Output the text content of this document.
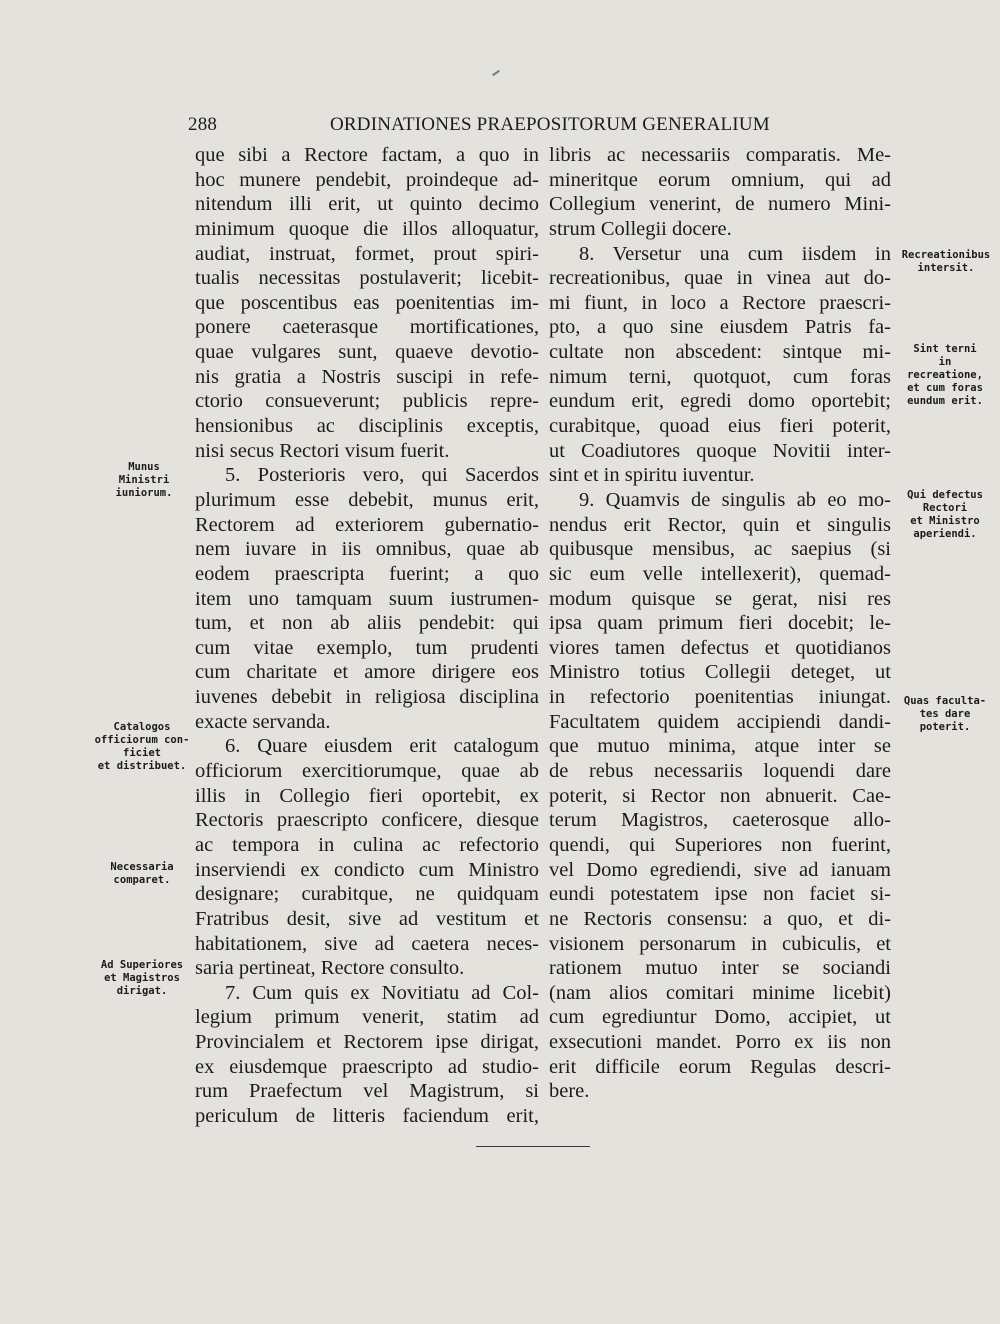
288	ORDINATIONES PRAEPOSITORUM GENERALIUM
que sibi a Rectore factam, a quo in
hoc munere pendebit, proindeque ad-
nitendum illi erit, ut quinto decimo
minimum quoque die illos alloquatur,
audiat, instruat, formet, prout spiri-
tualis necessitas postulaverit; licebit-
que poscentibus eas poenitentias im-
ponere caeterasque mortificationes,
quae vulgares sunt, quaeve devotio-
nis gratia a Nostris suscipi in refe-
ctorio consueverunt; publicis repre-
hensionibus ac disciplinis exceptis,
nisi secus Rectori visum fuerit.
5. Posterioris vero, qui Sacerdos
plurimum esse debebit, munus erit,
Rectorem ad exteriorem gubernatio-
nem iuvare in iis omnibus, quae ab
eodem praescripta fuerint; a quo
item uno tamquam suum iustrumen-
tum, et non ab aliis pendebit: qui
cum vitae exemplo, tum prudenti
cum charitate et amore dirigere eos
iuvenes debebit in religiosa disciplina
exacte servanda.
6. Quare eiusdem erit catalogum
officiorum exercitiorumque, quae ab
illis in Collegio fieri oportebit, ex
Rectoris praescripto conficere, diesque
ac tempora in culina ac refectorio
inserviendi ex condicto cum Ministro
designare; curabitque, ne quidquam
Fratribus desit, sive ad vestitum et
habitationem, sive ad caetera neces-
saria pertineat, Rectore consulto.
7. Cum quis ex Novitiatu ad Col-
legium primum venerit, statim ad
Provincialem et Rectorem ipse dirigat,
ex eiusdemque praescripto ad studio-
rum Praefectum vel Magistrum, si
periculum de litteris faciendum erit,
libris ac necessariis comparatis. Me-
mineritque eorum omnium, qui ad
Collegium venerint, de numero Mini-
strum Collegii docere.
8. Versetur una cum iisdem in
recreationibus, quae in vinea aut do-
mi fiunt, in loco a Rectore praescri-
pto, a quo sine eiusdem Patris fa-
cultate non abscedent: sintque mi-
nimum terni, quotquot, cum foras
eundum erit, egredi domo oportebit;
curabitque, quoad eius fieri poterit,
ut Coadiutores quoque Novitii inter-
sint et in spiritu iuventur.
9. Quamvis de singulis ab eo mo-
nendus erit Rector, quin et singulis
quibusque mensibus, ac saepius (si
sic eum velle intellexerit), quemad-
modum quisque se gerat, nisi res
ipsa quam primum fieri docebit; le-
viores tamen defectus et quotidianos
Ministro totius Collegii deteget, ut
in refectorio poenitentias iniungat.
Facultatem quidem accipiendi dandi-
que mutuo minima, atque inter se
de rebus necessariis loquendi dare
poterit, si Rector non abnuerit. Cae-
terum Magistros, caeterosque allo-
quendi, qui Superiores non fuerint,
vel Domo egrediendi, sive ad ianuam
eundi potestatem ipse non faciet si-
ne Rectoris consensu: a quo, et di-
visionem personarum in cubiculis, et
rationem mutuo inter se sociandi
(nam alios comitari minime licebit)
cum egrediuntur Domo, accipiet, ut
exsecutioni mandet. Porro ex iis non
erit difficile eorum Regulas descri-
bere.
Munus
Ministri
iuniorum.
Catalogos
officiorum con-
ficiet
et distribuet.
Necessaria
comparet.
Ad Superiores
et Magistros
dirigat.
Recreationibus
intersit.
Sint terni
in recreatione,
et cum foras
eundum erit.
Qui defectus
Rectori
et Ministro
aperiendi.
Quas faculta-
tes dare
poterit.
